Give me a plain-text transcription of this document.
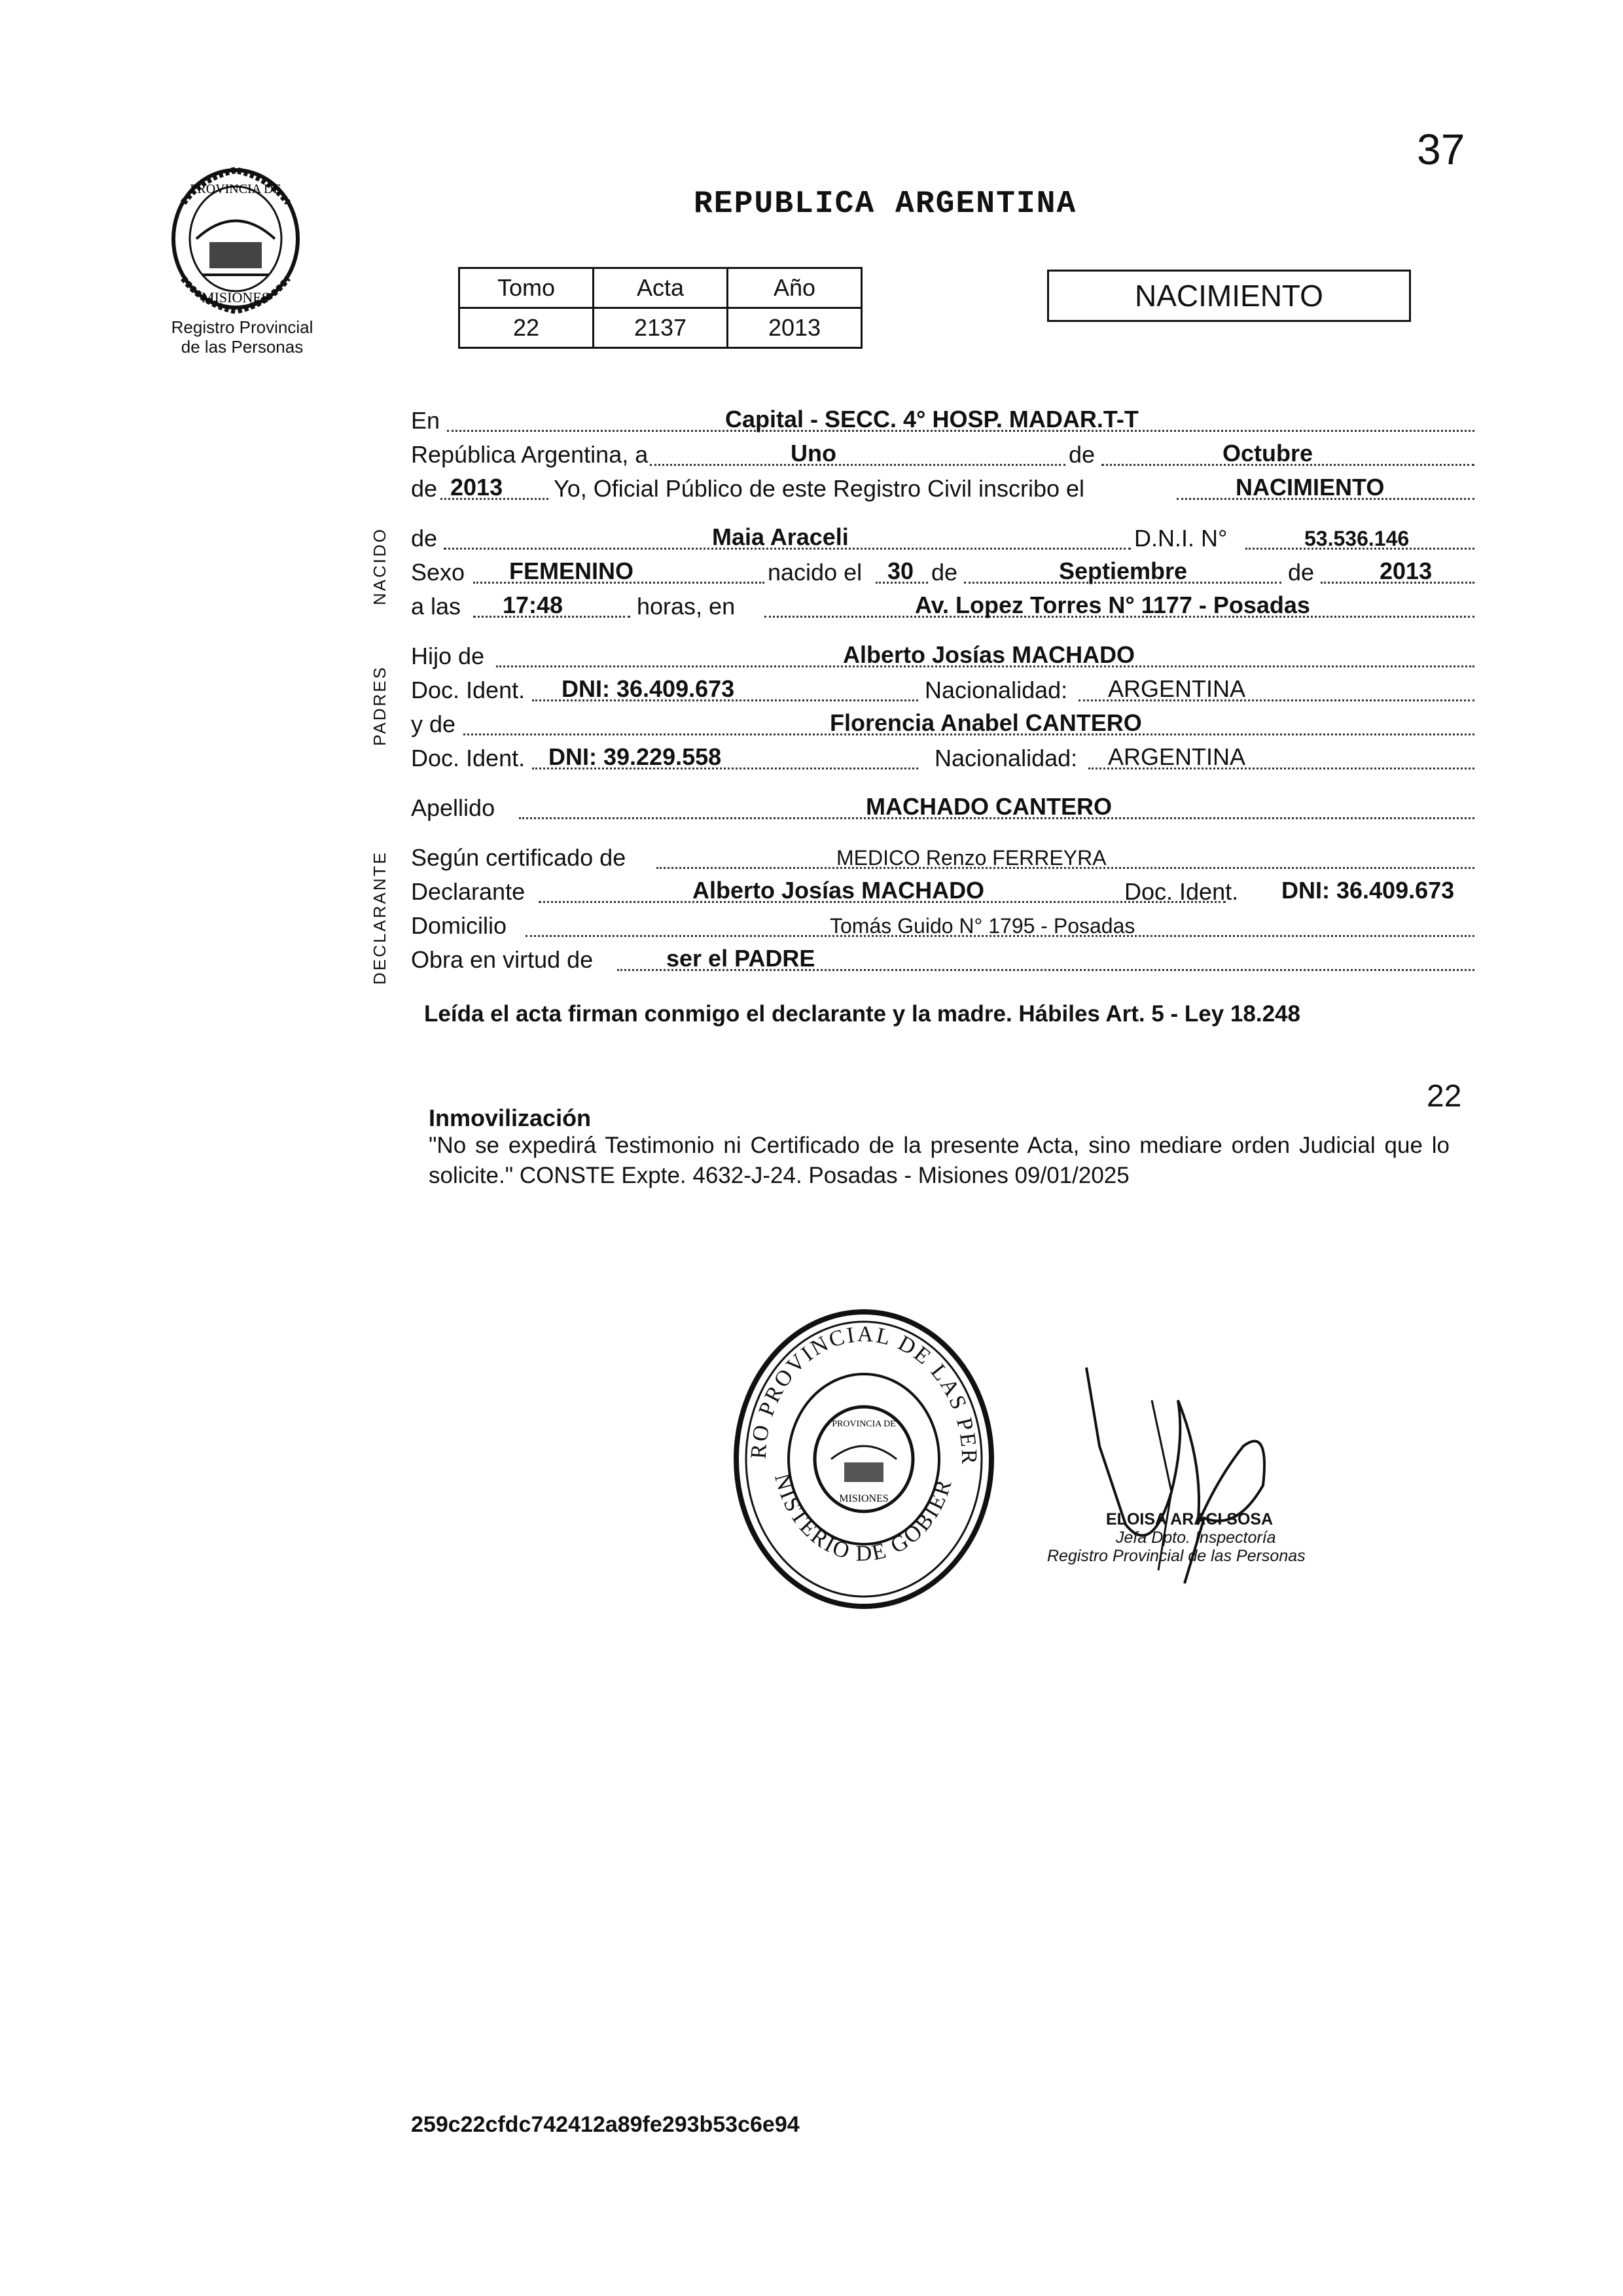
37
PROVINCIA DE
MISIONES
Registro Provincial
de las Personas
REPUBLICA ARGENTINA
Tomo	Acta	Año
22	2137	2013
NACIMIENTO
NACIDO
PADRES
DECLARANTE
En	Capital - SECC. 4° HOSP. MADAR.T-T
República Argentina, a	Uno	de	Octubre
de 2013 Yo, Oficial Público de este Registro Civil inscribo el	NACIMIENTO
de	Maia Araceli	D.N.I. N°	53.536.146
Sexo FEMENINO	nacido el 30 de	Septiembre	de	2013
a las 17:48	horas, en	Av. Lopez Torres N° 1177 - Posadas
Hijo de	Alberto Josías MACHADO
Doc. Ident. DNI: 36.409.673	Nacionalidad: ARGENTINA
y de	Florencia Anabel CANTERO
Doc. Ident. DNI: 39.229.558	Nacionalidad: ARGENTINA
Apellido	MACHADO CANTERO
Según certificado de	MEDICO Renzo FERREYRA
Declarante	Alberto Josías MACHADO	Doc. Ident. DNI: 36.409.673
Domicilio	Tomás Guido N° 1795 - Posadas
Obra en virtud de	ser el PADRE
Leída el acta firman conmigo el declarante y la madre. Hábiles Art. 5 - Ley 18.248
22
Inmovilización
"No se expedirá Testimonio ni Certificado de la presente Acta, sino mediare orden Judicial que lo solicite." CONSTE Expte. 4632-J-24. Posadas - Misiones 09/01/2025
RO PROVINCIAL DE LAS PER
NISTERIO DE GOBIER
PROVINCIA DE
MISIONES
ELOISA ARACI SOSA
Jefa Dpto. Inspectoría
Registro Provincial de las Personas
259c22cfdc742412a89fe293b53c6e94
